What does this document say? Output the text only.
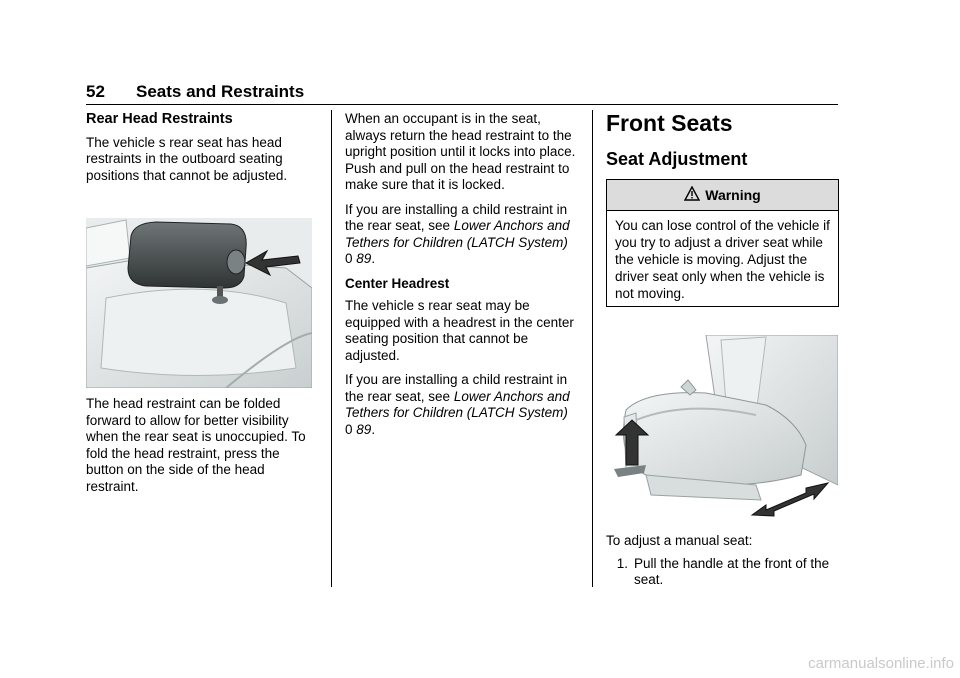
52 Seats and Restraints
Rear Head Restraints

The vehicle s rear seat has head restraints in the outboard seating positions that cannot be adjusted.

The head restraint can be folded forward to allow for better visibility when the rear seat is unoccupied. To fold the head restraint, press the button on the side of the head restraint.

When an occupant is in the seat, always return the head restraint to the upright position until it locks into place. Push and pull on the head restraint to make sure that it is locked.

If you are installing a child restraint in the rear seat, see Lower Anchors and Tethers for Children (LATCH System) 0 89.

Center Headrest

The vehicle s rear seat may be equipped with a headrest in the center seating position that cannot be adjusted.

If you are installing a child restraint in the rear seat, see Lower Anchors and Tethers for Children (LATCH System) 0 89.

Front Seats
Seat Adjustment
Warning
You can lose control of the vehicle if you try to adjust a driver seat while the vehicle is moving. Adjust the driver seat only when the vehicle is not moving.

To adjust a manual seat:

1. Pull the handle at the front of the seat.
carmanualsonline.info
